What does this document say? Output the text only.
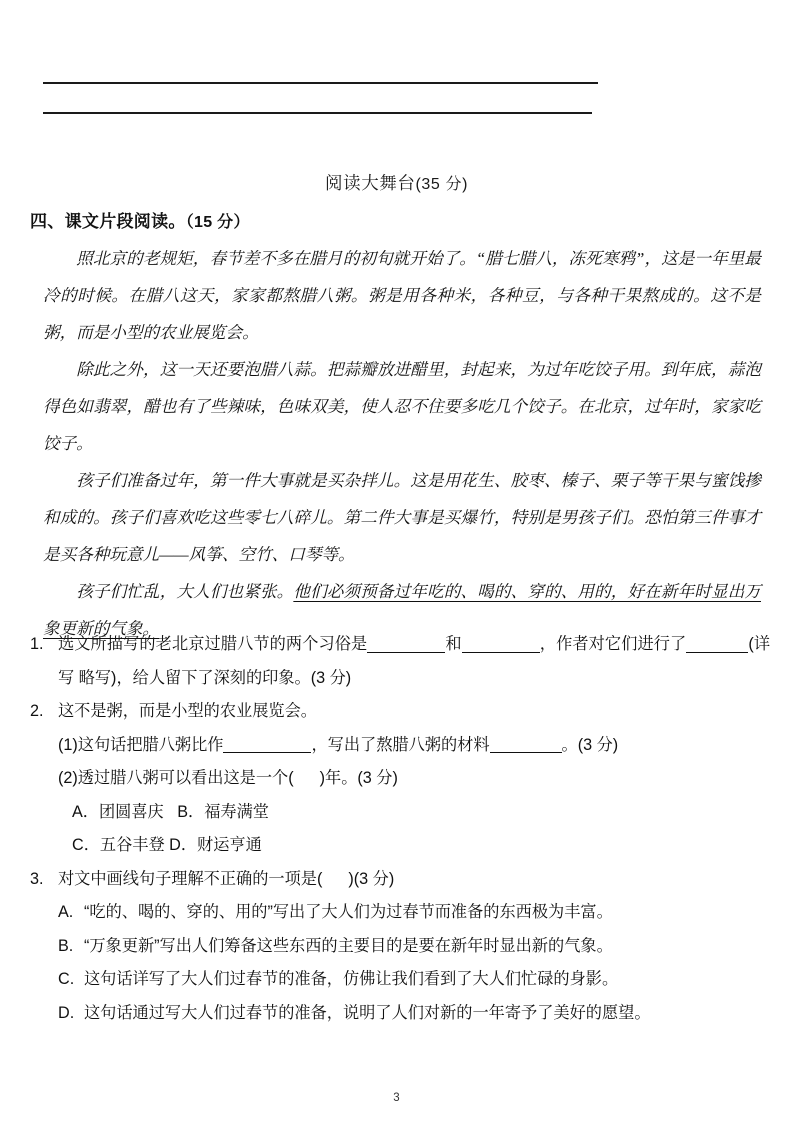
阅读大舞台(35 分)
四、课文片段阅读。（15 分）

照北京的老规矩，春节差不多在腊月的初旬就开始了。“腊七腊八，冻死寒鸦”，这是一年里最冷的时候。在腊八这天，家家都熬腊八粥。粥是用各种米，各种豆，与各种干果熬成的。这不是粥，而是小型的农业展览会。

除此之外，这一天还要泡腊八蒜。把蒜瓣放进醋里，封起来，为过年吃饺子用。到年底，蒜泡得色如翡翠，醋也有了些辣味，色味双美，使人忍不住要多吃几个饺子。在北京，过年时，家家吃饺子。

孩子们准备过年，第一件大事就是买杂拌儿。这是用花生、胶枣、榛子、栗子等干果与蜜饯掺和成的。孩子们喜欢吃这些零七八碎儿。第二件大事是买爆竹，特别是男孩子们。恐怕第三件事才是买各种玩意儿——风筝、空竹、口琴等。

孩子们忙乱，大人们也紧张。他们必须预备过年吃的、喝的、穿的、用的，好在新年时显出万象更新的气象。

1. 选文所描写的老北京过腊八节的两个习俗是	和	，作者对它们进行了	(详写 略写)，给人留下了深刻的印象。(3 分)
2. 这不是粥，而是小型的农业展览会。
(1)这句话把腊八粥比作	，写出了熬腊八粥的材料	。(3 分)
(2)透过腊八粥可以看出这是一个( )年。(3 分)
A．团圆喜庆 B．福寿满堂
C．五谷丰登 D．财运亨通
3. 对文中画线句子理解不正确的一项是( )(3 分)
A. “吃的、喝的、穿的、用的”写出了大人们为过春节而准备的东西极为丰富。
B. “万象更新”写出人们筹备这些东西的主要目的是要在新年时显出新的气象。
C. 这句话详写了大人们过春节的准备，仿佛让我们看到了大人们忙碌的身影。
D. 这句话通过写大人们过春节的准备，说明了人们对新的一年寄予了美好的愿望。
3
